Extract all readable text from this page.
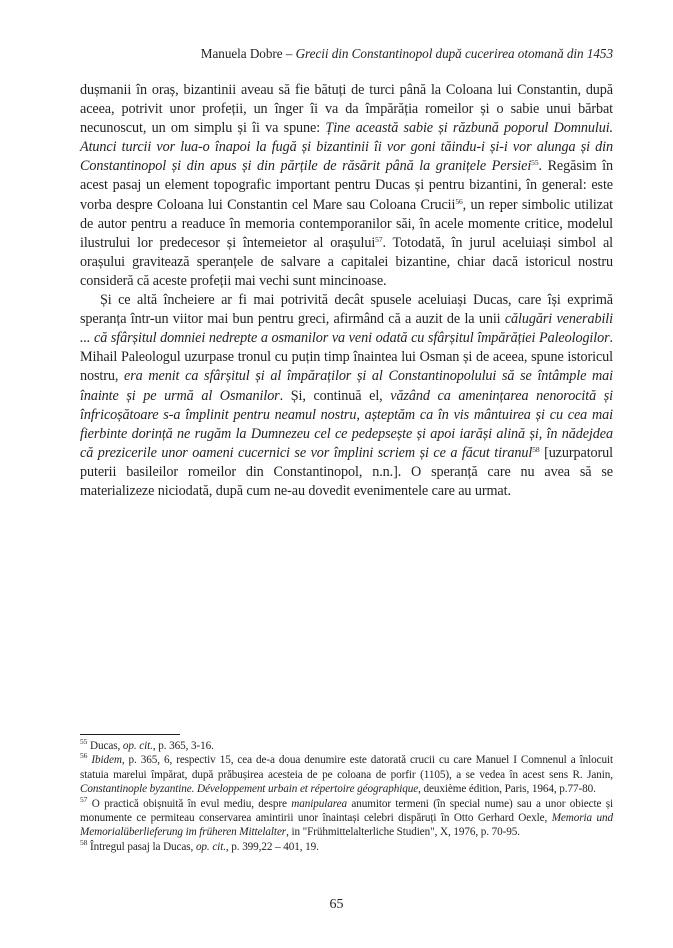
Manuela Dobre – Grecii din Constantinopol după cucerirea otomană din 1453

dușmanii în oraș, bizantinii aveau să fie bătuți de turci până la Coloana lui Constantin, după aceea, potrivit unor profeții, un înger îi va da împărăția romeilor și o sabie unui bărbat necunoscut, un om simplu și îi va spune: Ține această sabie și răzbună poporul Domnului. Atunci turcii vor lua-o înapoi la fugă și bizantinii îi vor goni tăindu-i și-i vor alunga și din Constantinopol și din apus și din părțile de răsărit până la granițele Persiei$^{55}$. Regăsim în acest pasaj un element topografic important pentru Ducas și pentru bizantini, în general: este vorba despre Coloana lui Constantin cel Mare sau Coloana Crucii$^{56}$, un reper simbolic utilizat de autor pentru a readuce în memoria contemporanilor săi, în acele momente critice, modelul ilustrului lor predecesor și întemeietor al orașului$^{57}$. Totodată, în jurul aceluiași simbol al orașului gravitează speranțele de salvare a capitalei bizantine, chiar dacă istoricul nostru consideră că aceste profeții mai vechi sunt mincinoase.

Și ce altă încheiere ar fi mai potrivită decât spusele aceluiași Ducas, care își exprimă speranța într-un viitor mai bun pentru greci, afirmând că a auzit de la unii călugări venerabili ... că sfârșitul domniei nedrepte a osmanilor va veni odată cu sfârșitul împărăției Paleologilor. Mihail Paleologul uzurpase tronul cu puțin timp înaintea lui Osman și de aceea, spune istoricul nostru, era menit ca sfârșitul și al împăraților și al Constantinopolului să se întâmple mai înainte și pe urmă al Osmanilor. Și, continuă el, văzând ca amenințarea nenorocită și înfricoșătoare s-a împlinit pentru neamul nostru, așteptăm ca în vis mântuirea și cu cea mai fierbinte dorință ne rugăm la Dumnezeu cel ce pedepsește și apoi iarăși alină și, în nădejdea că prezicerile unor oameni cucernici se vor împlini scriem și ce a făcut tiranul$^{58}$ [uzurpatorul puterii basileilor romeilor din Constantinopol, n.n.]. O speranță care nu avea să se materializeze niciodată, după cum ne-au dovedit evenimentele care au urmat.

$^{55}$ Ducas, op. cit., p. 365, 3-16.

$^{56}$ Ibidem, p. 365, 6, respectiv 15, cea de-a doua denumire este datorată crucii cu care Manuel I Comnenul a înlocuit statuia marelui împărat, după prăbușirea acesteia de pe coloana de porfir (1105), a se vedea în acest sens R. Janin, Constantinople byzantine. Développement urbain et répertoire géographique, deuxième édition, Paris, 1964, p.77-80.

$^{57}$ O practică obișnuită în evul mediu, despre manipularea anumitor termeni (în special nume) sau a unor obiecte și monumente ce permiteau conservarea amintirii unor înaintași celebri dispăruți în Otto Gerhard Oexle, Memoria und Memorialüberlieferung im früheren Mittelalter, in "Frühmittelalterliche Studien", X, 1976, p. 70-95.

$^{58}$ Întregul pasaj la Ducas, op. cit., p. 399,22 – 401, 19.

65
